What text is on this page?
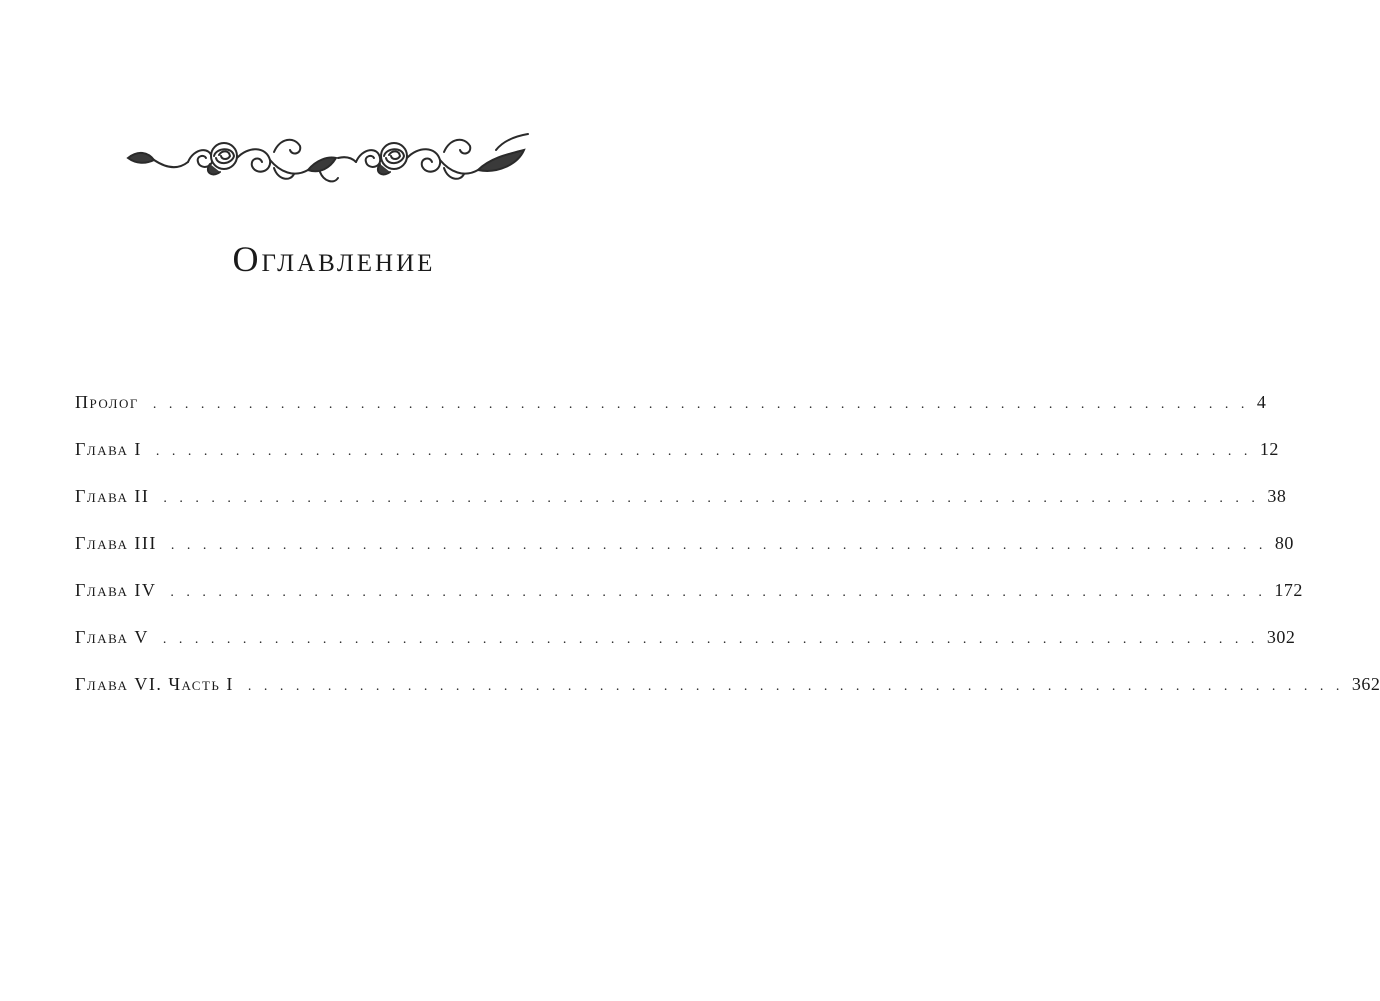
Оглавление
Пролог . . . . . . . . . . . . . . . . . . . . . . . . . . . . . . . . . . . . . . . . . . . . . . . . . . . . . . . . . . . . . . . . . . . . . 4
Глава I . . . . . . . . . . . . . . . . . . . . . . . . . . . . . . . . . . . . . . . . . . . . . . . . . . . . . . . . . . . . . . . . . . . . . 12
Глава II . . . . . . . . . . . . . . . . . . . . . . . . . . . . . . . . . . . . . . . . . . . . . . . . . . . . . . . . . . . . . . . . . . . . . 38
Глава III . . . . . . . . . . . . . . . . . . . . . . . . . . . . . . . . . . . . . . . . . . . . . . . . . . . . . . . . . . . . . . . . . . . . . 80
Глава IV . . . . . . . . . . . . . . . . . . . . . . . . . . . . . . . . . . . . . . . . . . . . . . . . . . . . . . . . . . . . . . . . . . . . . 172
Глава V . . . . . . . . . . . . . . . . . . . . . . . . . . . . . . . . . . . . . . . . . . . . . . . . . . . . . . . . . . . . . . . . . . . . . 302
Глава VI. Часть I . . . . . . . . . . . . . . . . . . . . . . . . . . . . . . . . . . . . . . . . . . . . . . . . . . . . . . . . . . . . . . . . . . . . . 362
